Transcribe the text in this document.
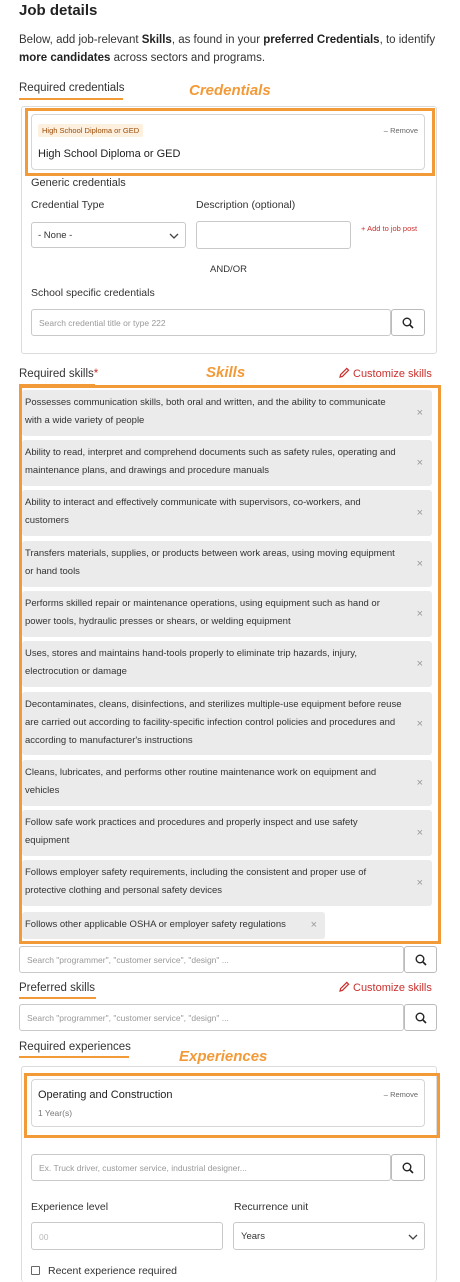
Job details
Below, add job-relevant Skills, as found in your preferred Credentials, to identify more candidates across sectors and programs.
Required credentials	Credentials
High School Diploma or GED	– Remove
High School Diploma or GED
Generic credentials
Credential Type	Description (optional)
- None -
+ Add to job post
AND/OR
School specific credentials
Search credential title or type 222
Required skills*	Skills	Customize skills
Possesses communication skills, both oral and written, and the ability to communicate with a wide variety of people
×
Ability to read, interpret and comprehend documents such as safety rules, operating and maintenance plans, and drawings and procedure manuals
×
Ability to interact and effectively communicate with supervisors, co-workers, and customers
×
Transfers materials, supplies, or products between work areas, using moving equipment or hand tools
×
Performs skilled repair or maintenance operations, using equipment such as hand or power tools, hydraulic presses or shears, or welding equipment
×
Uses, stores and maintains hand-tools properly to eliminate trip hazards, injury, electrocution or damage
×
Decontaminates, cleans, disinfections, and sterilizes multiple-use equipment before reuse are carried out according to facility-specific infection control policies and procedures and according to manufacturer's instructions
×
Cleans, lubricates, and performs other routine maintenance work on equipment and vehicles
×
Follow safe work practices and procedures and properly inspect and use safety equipment
×
Follows employer safety requirements, including the consistent and proper use of protective clothing and personal safety devices
×
Follows other applicable OSHA or employer safety regulations ×
Search "programmer", "customer service", "design" ...
Preferred skills	Customize skills
Search "programmer", "customer service", "design" ...
Required experiences
Experiences
Operating and Construction
1 Year(s)
– Remove
Ex. Truck driver, customer service, industrial designer...
Experience level	Recurrence unit
00	Years
Recent experience required
